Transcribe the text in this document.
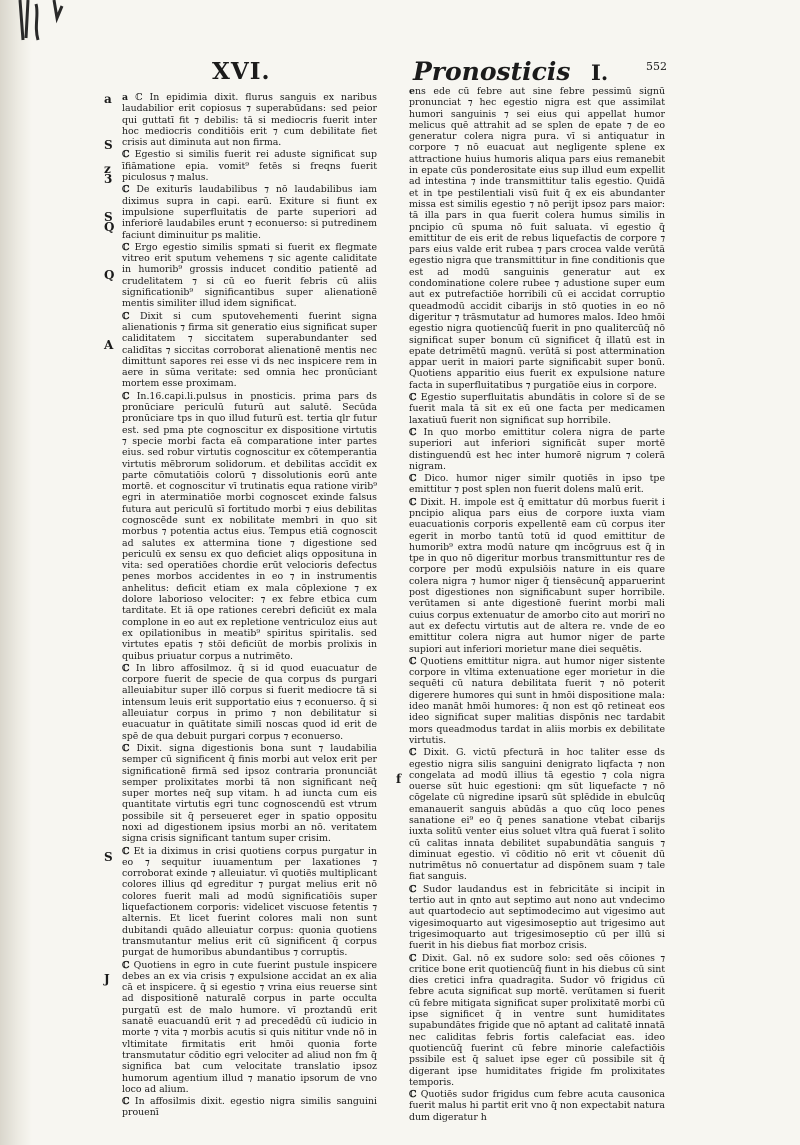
XVI.	Pronosticis I.	552
a
S
z
3
S
Q
Q
A
S
J

a ℂ In epidimia dixit. flurus sanguis ex naribus laudabilior erit copiosus ⁊ superabūdans: sed peior qui guttatī fit ⁊ debilis: tā si mediocris fuerit inter hoc mediocris conditiōis erit ⁊ cum debilitate fiet crisis aut diminuta aut non firma.

ℂ Egestio si similis fuerit rei aduste significat sup īfiāmatione epia. vomit⁹ fetēs si freqns fuerit piculosus ⁊ malus.

ℂ De exiturīs laudabilibus ⁊ nō laudabilibus iam diximus supra in capi. earū. Exiture si fiunt ex impulsione superfluitatis de parte superiori ad inferiorē laudabiles erunt ⁊ econuerso: si putredinem faciunt diminuitur ps malitie.

ℂ Ergo egestio similis spmati si fuerit ex flegmate vitreo erit sputum vehemens ⁊ sic agente caliditate in humorib⁹ grossis inducet conditio patientē ad crudelitatem ⁊ si cū eo fuerit febris cū aliis significationib⁹ significantibus super alienationē mentis similiter illud idem significat.

ℂ Dixit si cum sputovehementi fuerint signa alienationis ⁊ firma sit generatio eius significat super caliditatem ⁊ siccitatem superabundanter sed calidītas ⁊ siccitas corroborat alienationē mentis nec dimittunt sapores rei esse vi ds nec inspicere rem in aere in sūma veritate: sed omnia hec pronūciant mortem esse proximam.

ℂ In.16.capi.li.pulsus in pnosticis. prima pars ds pronūciare periculū futurū aut salutē. Secūda pronūciare tps in quo illud futurū est. tertia qlr futur est. sed pma pte cognoscitur ex dispositione virtutis ⁊ specie morbi facta eā comparatione inter partes eius. sed robur virtutis cognoscitur ex cōtemperantia virtutis mēbrorum solidorum. et debilitas accīdit ex parte cōmutatiōis colorū ⁊ dissolutionis eorū ante mortē. et cognoscitur vī trutinatis equa ratione virib⁹ egri in aterminatiōe morbi cognoscet exinde falsus futura aut periculū sī fortitudo morbi ⁊ eius debilitas cognoscēde sunt ex nobilitate membri in quo sit morbus ⁊ potentia actus eius. Tempus etiā cognoscit ad salutes ex attermina tione ⁊ digestione sed periculū ex sensu ex quo deficiet aliqs opposituna in vita: sed operatiōes chordie erūt velocioris defectus penes morbos accidentes in eo ⁊ in instrumentis anhelitus: deficit etiam ex mala cōplexione ⁊ ex dolore laborioso velociter: ⁊ ex febre etbica cum tarditate. Et iā ope rationes cerebri deficiūt ex mala complone in eo aut ex repletione ventriculoz eius aut ex opilationibus in meatib⁹ spiritus spiritalis. sed virtutes epatis ⁊ stōi deficiūt de morbis prolixis in quibus priuatur corpus a nutrimēto.

ℂ In libro affosilmoz. q̄ si id quod euacuatur de corpore fuerit de specie de qua corpus ds purgari alleuiabitur super illō corpus si fuerit mediocre tā si intensum leuis erit supportatio eius ⁊ econuerso. q̄ si alleuiatur corpus in primo ⁊ non debilitatur si euacuatur in quātitate similī noscas quod id erit de spē de qua debuit purgari corpus ⁊ econuerso.

ℂ Dixit. signa digestionis bona sunt ⁊ laudabilia semper cū significent q̄ finis morbi aut velox erit per significationē firmā sed ipsoz contraria pronunciāt semper prolixitates morbi tā non significant neq̄ super mortes neq̄ sup vitam. h ad iuncta cum eis quantitate virtutis egri tunc cognoscendū est vtrum possibile sit q̄ perseueret eger in spatio oppositu noxi ad digestionem ipsius morbi an nō. veritatem signa crisis significant tantum super crisim.

ℂ Et ia diximus in crisi quotiens corpus purgatur in eo ⁊ sequitur iuuamentum per laxationes ⁊ corroborat exinde ⁊ alleuiatur. vī quotiēs multiplicant colores illius qd egreditur ⁊ purgat melius erit nō colores fuerit mali ad modū significatiōis super liquefactionem corporis: videlicet viscuose fetentis ⁊ alternis. Et licet fuerint colores mali non sunt dubitandi quādo alleuiatur corpus: quonia quotiens transmutantur melius erit cū significent q̄ corpus purgat de humoribus abundantibus ⁊ corruptis.

ℂ Quotiens in egro in cute fuerint pustule inspicere debes an ex via crisis ⁊ expulsione accidat an ex alia cā et inspicere. q̄ si egestio ⁊ vrina eius reuerse sint ad dispositionē naturalē corpus in parte occulta purgatū est de malo humore. vī proztandū erit sanatē euacuandū erit ⁊ ad precedēdū cū iudicio in morte ⁊ vita ⁊ morbis acutis si quis nititur vnde nō in vltimitate firmitatis erit hmōi quonia forte transmutatur cōditio egri velociter ad aliud non fm q̄ significa bat cum velocitate translatio ipsoz humorum agentium illud ⁊ manatio ipsorum de vno loco ad alium.

ℂ In affosilmis dixit. egestio nigra similis sanguini prouenī

f

ens ede cū febre aut sine febre pessimū signū pronunciat ⁊ hec egestio nigra est que assimilat humori sanguinis ⁊ sei eius qui appellat humor melicus quē attrahit ad se splen de epate ⁊ de eo generatur colera nigra pura. vī si antiquatur in corpore ⁊ nō euacuat aut negligente splene ex attractione huius humoris aliqua pars eius remanebit in epate cūs ponderositate eius sup illud eum expellit ad intestina ⁊ inde transmittitur talis egestio. Quidā et in tpe pestilentiali visū fuit q̄ ex eis abundanter missa est similis egestio ⁊ nō perijt ipsoz pars maior: tā illa pars in qua fuerit colera humus similis in pncipio cū spuma nō fuit saluata. vī egestio q̄ emittitur de eis erit de rebus liquefactis de corpore ⁊ pars eius valde erit rubea ⁊ pars crocea valde verūtā egestio nigra que transmittitur in fine conditionis que est ad modū sanguinis generatur aut ex condominatione colere rubee ⁊ adustione super eum aut ex putrefactiōe horribili cū ei accidat corruptio queadmodū accidit cibarijs in stō quoties in eo nō digeritur ⁊ trāsmutatur ad humores malos. Ideo hmōi egestio nigra quotiencūq̄ fuerit in pno qualitercūq̄ nō significat super bonum cū significet q̄ illatū est in epate detrimētū magnū. verūtā si post attermination appar uerit in maiori parte significabit super bonū. Quotiens apparitio eius fuerit ex expulsione nature facta in superfluitatibus ⁊ purgatiōe eius in corpore.

ℂ Egestio superfluitatis abundātis in colore sī de se fuerit mala tā sit ex eū one facta per medicamen laxatiuū fuerit non significat sup horribile.

ℂ In quo morbo emittitur colera nigra de parte superiori aut inferiori significāt super mortē distinguendū est hec inter humorē nigrum ⁊ colerā nigram.

ℂ Dico. humor niger similr quotiēs in ipso tpe emittitur ⁊ post splen non fuerit dolens malū erit.

ℂ Dixit. H. impole est q̄ emittatur dū morbus fuerit i pncipio aliqua pars eius de corpore iuxta viam euacuationis corporis expellentē eam cū corpus iter egerit in morbo tantū totū id quod emittitur de humorib⁹ extra modū nature qm incōgruus est q̄ in tpe in quo nō digeritur morbus transmittuntur res de corpore per modū expulsiōis nature in eis quare colera nigra ⁊ humor niger q̄ tiensēcunq̄ apparuerint post digestiones non significabunt super horribile. verūtamen si ante digestionē fuerint morbi mali cuius corpus extenuatur de amorbo cito aut morirī no aut ex defectu virtutis aut de altera re. vnde de eo emittitur colera nigra aut humor niger de parte supiori aut inferiori morietur mane diei sequētis.

ℂ Quotiens emittitur nigra. aut humor niger sistente corpore in vltima extenuatione eger morietur in die sequēti cū natura debilitata fuerit ⁊ nō poterit digerere humores qui sunt in hmōi dispositione mala: ideo manāt hmōi humores: q̄ non est qō retineat eos ideo significat super malitias dispōnis nec tardabit mors queadmodus tardat in aliis morbis ex debilitate virtutis.

ℂ Dixit. G. victū pfecturā in hoc taliter esse ds egestio nigra silis sanguini denigrato liqfacta ⁊ non congelata ad modū illius tā egestio ⁊ cola nigra ouerse sūt huic egestioni: qm sūt liquefacte ⁊ nō cōgelate cū nigredine ipsarū sūt splēdide in ebulcūq emanauerit sanguis abūdās a quo cūq loco penes sanatione ei⁹ eo q̄ penes sanatione vtebat cibarijs iuxta solitū venter eius soluet vltra quā fuerat ī solito cū calitas innata debilitet supabundātia sanguis ⁊ diminuat egestio. vī cōditio nō erit vt cōuenit dū nutrimētus nō conuertatur ad dispōnem suam ⁊ tale fiat sanguis.

ℂ Sudor laudandus est in febricitāte si incipit in tertio aut in qnto aut septimo aut nono aut vndecimo aut quartodecio aut septimodecimo aut vigesimo aut vigesimoquarto aut vigesimoseptio aut trigesimo aut trigesimoquarto aut trigesimoseptio cū per illū si fuerit in his diebus fiat morboz crisis.

ℂ Dixit. Gal. nō ex sudore solo: sed oēs cōiones ⁊ critice bone erit quotiencūq̄ fiunt in his diebus cū sint dies cretici infra quadragita. Sudor vō frigidus cū febre acuta significat sup mortē. verūtamen si fuerit cū febre mitigata significat super prolixitatē morbi cū ipse significet q̄ in ventre sunt humiditates supabundātes frigide que nō aptant ad calitatē innatā nec caliditas febris fortis calefaciat eas. ideo quotiencūq̄ fuerint cū febre minorie calefactiōis pssibile est q̄ saluet ipse eger cū possibile sit q̄ digerant ipse humiditates frigide fm prolixitates temporis.

ℂ Quotiēs sudor frigidus cum febre acuta causonica fuerit malus hi partit erit vno q̄ non expectabit natura dum digeratur h
